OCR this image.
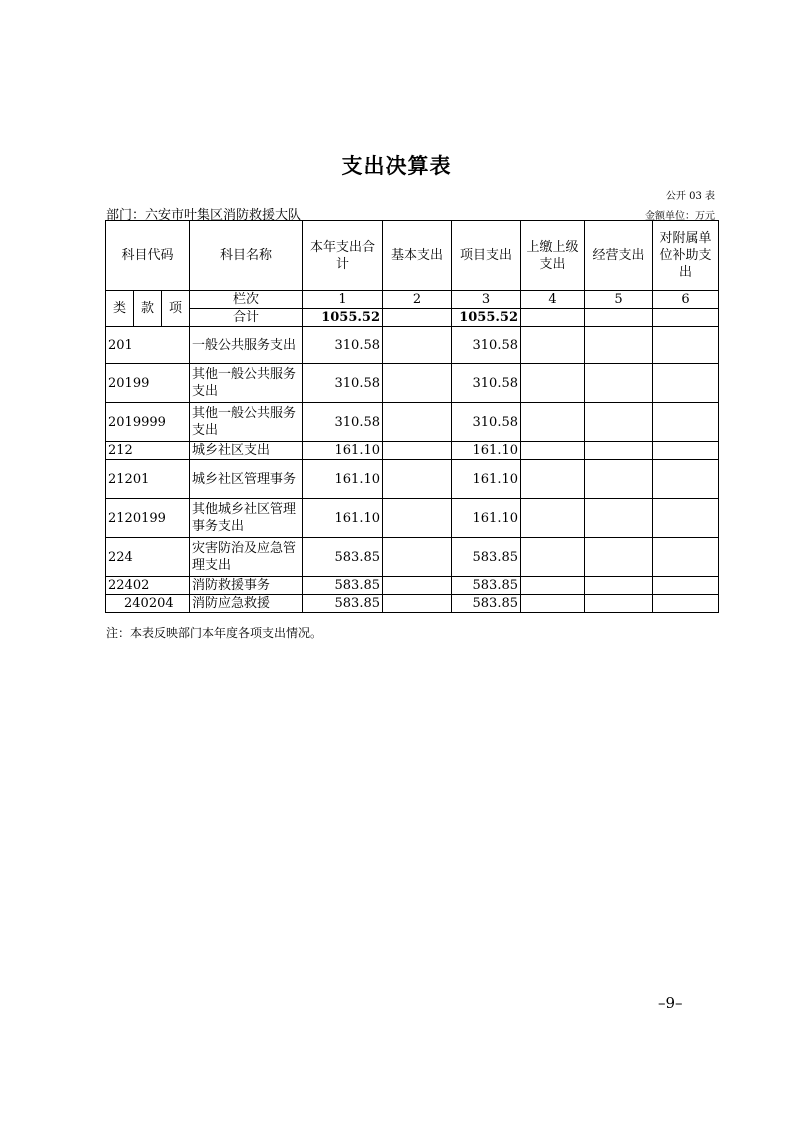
支出决算表
公开 03 表
部门：六安市叶集区消防救援大队	金额单位：万元
科目代码			科目名称	本年支出合计	基本支出	项目支出	上缴上级支出	经营支出	对附属单位补助支出
类	款	项	栏次	1	2	3	4	5	6
			合计	1055.52		1055.52			
201			一般公共服务支出	310.58		310.58			
20199			其他一般公共服务支出	310.58		310.58			
2019999			其他一般公共服务支出	310.58		310.58			
212			城乡社区支出	161.10		161.10			
21201			城乡社区管理事务	161.10		161.10			
2120199			其他城乡社区管理事务支出	161.10		161.10			
224			灾害防治及应急管理支出	583.85		583.85			
22402			消防救援事务	583.85		583.85			
240204			消防应急救援	583.85		583.85			
注：本表反映部门本年度各项支出情况。
–9–
